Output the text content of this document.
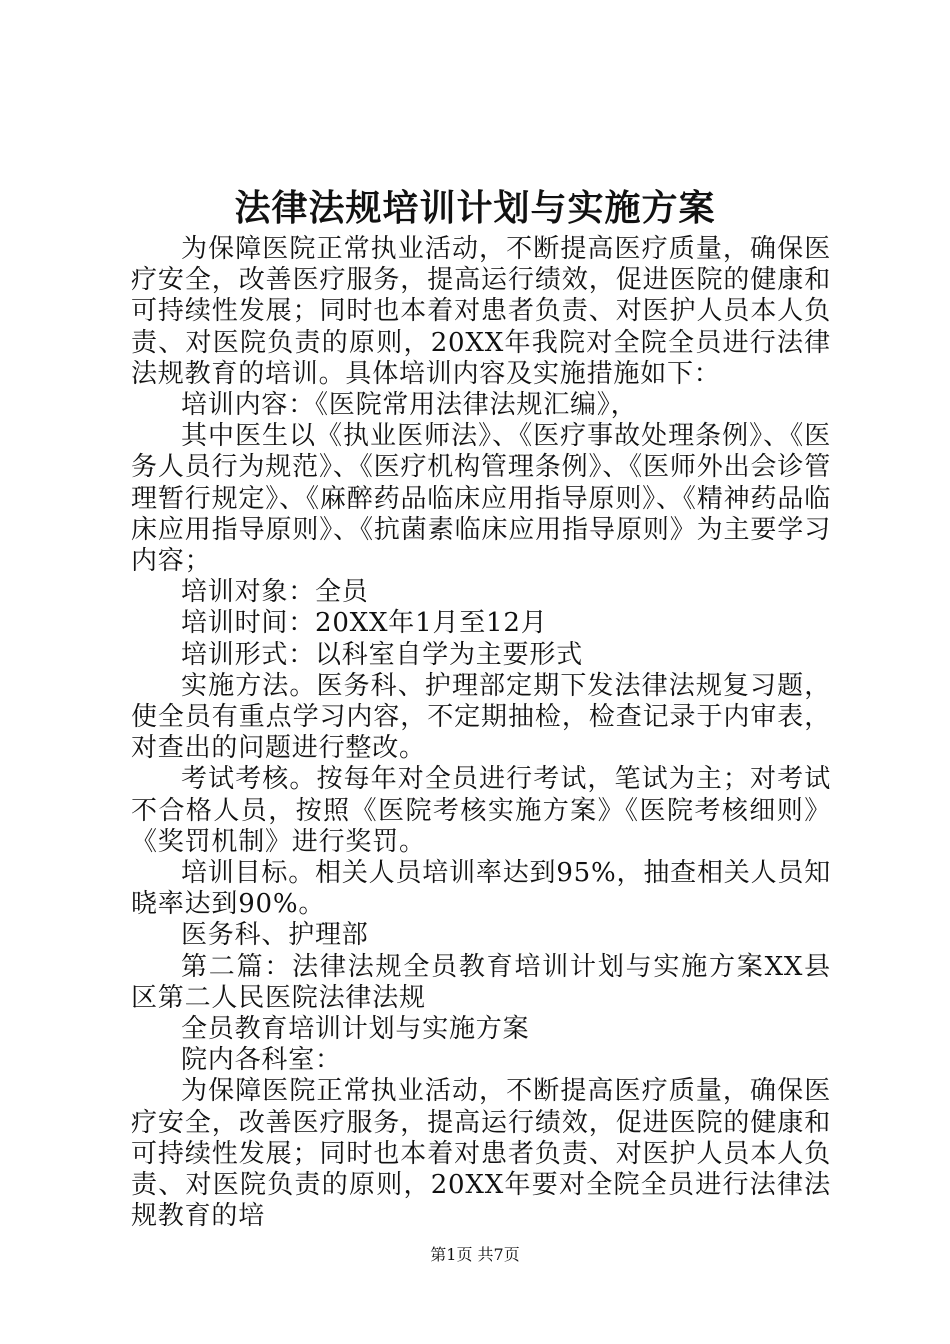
法律法规培训计划与实施方案

为保障医院正常执业活动，不断提高医疗质量，确保医疗安全，改善医疗服务，提高运行绩效，促进医院的健康和可持续性发展；同时也本着对患者负责、对医护人员本人负责、对医院负责的原则，20XX年我院对全院全员进行法律法规教育的培训。具体培训内容及实施措施如下：

培训内容：《医院常用法律法规汇编》，

其中医生以《执业医师法》、《医疗事故处理条例》、《医务人员行为规范》、《医疗机构管理条例》、《医师外出会诊管理暂行规定》、《麻醉药品临床应用指导原则》、《精神药品临床应用指导原则》、《抗菌素临床应用指导原则》为主要学习内容；

培训对象：全员

培训时间：20XX年1月至12月

培训形式：以科室自学为主要形式

实施方法。医务科、护理部定期下发法律法规复习题，使全员有重点学习内容，不定期抽检，检查记录于内审表，对查出的问题进行整改。

考试考核。按每年对全员进行考试，笔试为主；对考试不合格人员，按照《医院考核实施方案》《医院考核细则》《奖罚机制》进行奖罚。

培训目标。相关人员培训率达到95%，抽查相关人员知晓率达到90%。

医务科、护理部

第二篇：法律法规全员教育培训计划与实施方案XX县区第二人民医院法律法规

全员教育培训计划与实施方案

院内各科室：

为保障医院正常执业活动，不断提高医疗质量，确保医疗安全，改善医疗服务，提高运行绩效，促进医院的健康和可持续性发展；同时也本着对患者负责、对医护人员本人负责、对医院负责的原则，20XX年要对全院全员进行法律法规教育的培

第1页 共7页
